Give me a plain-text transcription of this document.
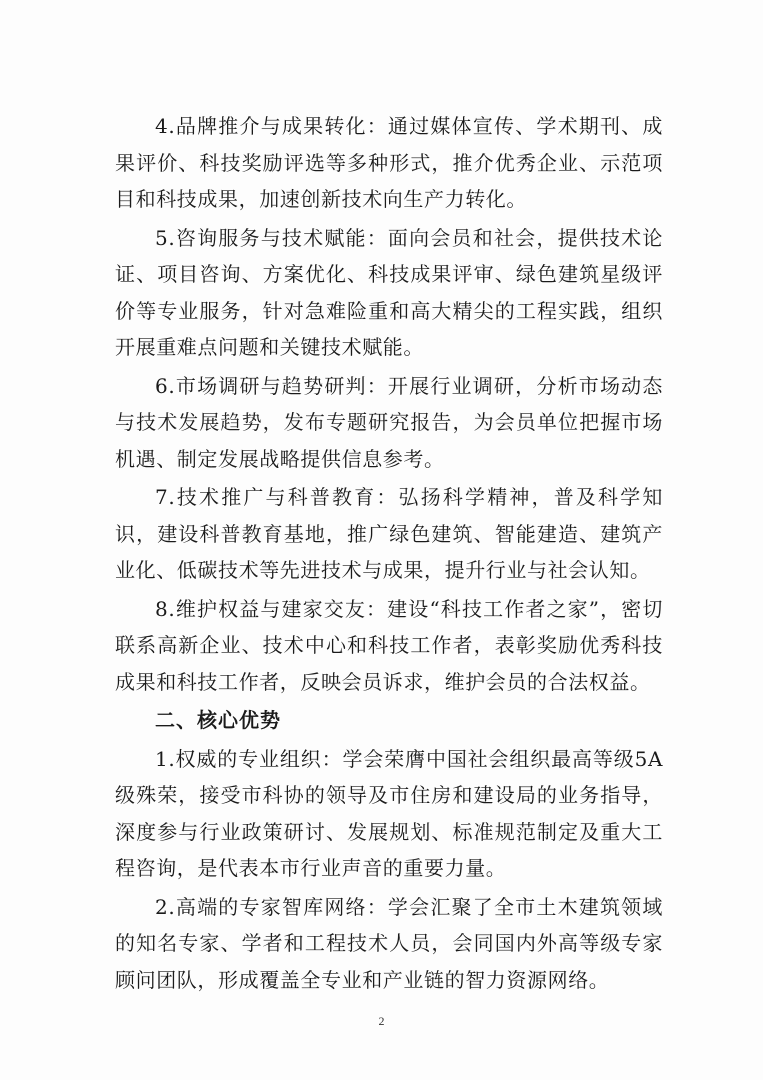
4.品牌推介与成果转化：通过媒体宣传、学术期刊、成果评价、科技奖励评选等多种形式，推介优秀企业、示范项目和科技成果，加速创新技术向生产力转化。

5.咨询服务与技术赋能：面向会员和社会，提供技术论证、项目咨询、方案优化、科技成果评审、绿色建筑星级评价等专业服务，针对急难险重和高大精尖的工程实践，组织开展重难点问题和关键技术赋能。

6.市场调研与趋势研判：开展行业调研，分析市场动态与技术发展趋势，发布专题研究报告，为会员单位把握市场机遇、制定发展战略提供信息参考。

7.技术推广与科普教育：弘扬科学精神，普及科学知识，建设科普教育基地，推广绿色建筑、智能建造、建筑产业化、低碳技术等先进技术与成果，提升行业与社会认知。

8.维护权益与建家交友：建设“科技工作者之家”，密切联系高新企业、技术中心和科技工作者，表彰奖励优秀科技成果和科技工作者，反映会员诉求，维护会员的合法权益。

二、核心优势

1.权威的专业组织：学会荣膺中国社会组织最高等级5A级殊荣，接受市科协的领导及市住房和建设局的业务指导，深度参与行业政策研讨、发展规划、标准规范制定及重大工程咨询，是代表本市行业声音的重要力量。

2.高端的专家智库网络：学会汇聚了全市土木建筑领域的知名专家、学者和工程技术人员，会同国内外高等级专家顾问团队，形成覆盖全专业和产业链的智力资源网络。

2
